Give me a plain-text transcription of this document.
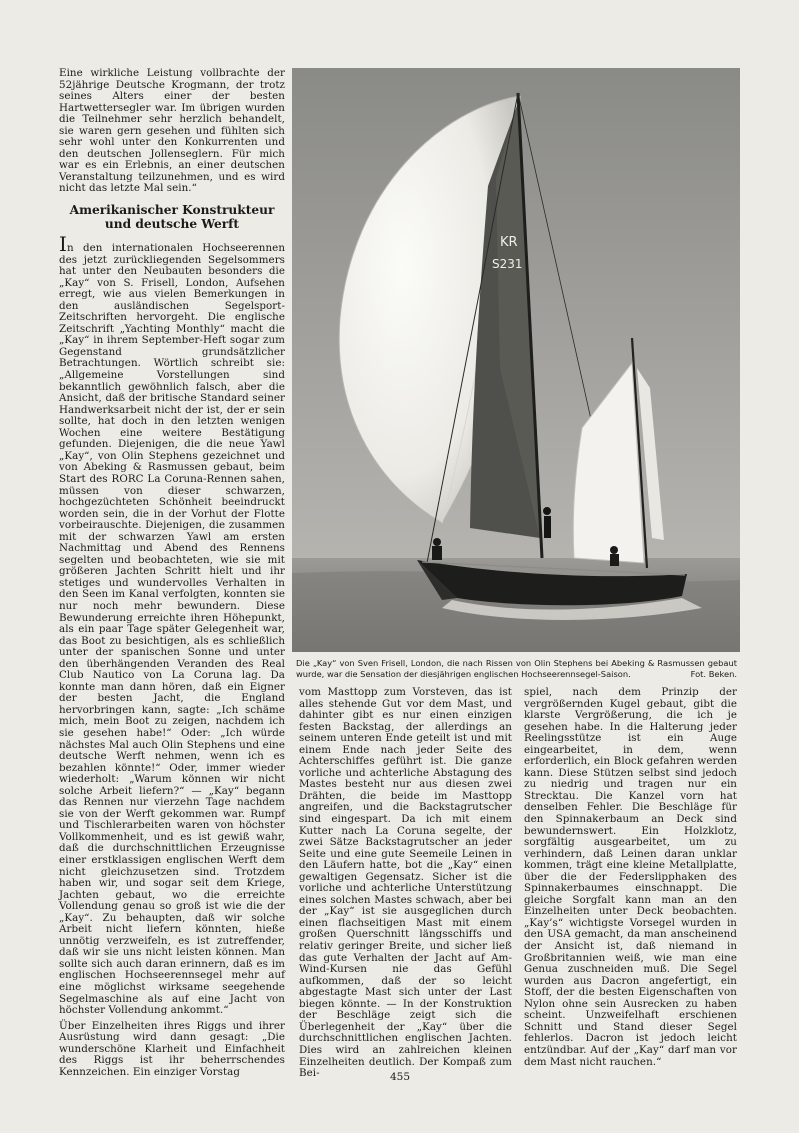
Eine wirkliche Leistung vollbrachte der 52jährige Deutsche Krogmann, der trotz seines Alters einer der besten Hartwettersegler war. Im übrigen wurden die Teilnehmer sehr herzlich behandelt, sie waren gern gesehen und fühlten sich sehr wohl unter den Konkurrenten und den deutschen Jollenseglern. Für mich war es ein Erlebnis, an einer deutschen Veranstaltung teilzunehmen, und es wird nicht das letzte Mal sein.“

Amerikanischer Konstrukteur
und deutsche Werft

In den internationalen Hochseerennen des jetzt zurückliegenden Segelsommers hat unter den Neubauten besonders die „Kay“ von S. Frisell, London, Aufsehen erregt, wie aus vielen Bemerkungen in den ausländischen Segelsport-Zeitschriften hervorgeht. Die englische Zeitschrift „Yachting Monthly“ macht die „Kay“ in ihrem September-Heft sogar zum Gegenstand grundsätzlicher Betrachtungen. Wörtlich schreibt sie: „Allgemeine Vorstellungen sind bekanntlich gewöhnlich falsch, aber die Ansicht, daß der britische Standard seiner Handwerksarbeit nicht der ist, der er sein sollte, hat doch in den letzten wenigen Wochen eine weitere Bestätigung gefunden. Diejenigen, die die neue Yawl „Kay“, von Olin Stephens gezeichnet und von Abeking & Rasmussen gebaut, beim Start des RORC La Coruna-Rennen sahen, müssen von dieser schwarzen, hochgezüchteten Schönheit beeindruckt worden sein, die in der Vorhut der Flotte vorbeirauschte. Diejenigen, die zusammen mit der schwarzen Yawl am ersten Nachmittag und Abend des Rennens segelten und beobachteten, wie sie mit größeren Jachten Schritt hielt und ihr stetiges und wundervolles Verhalten in den Seen im Kanal verfolgten, konnten sie nur noch mehr bewundern. Diese Bewunderung erreichte ihren Höhepunkt, als ein paar Tage später Gelegenheit war, das Boot zu besichtigen, als es schließlich unter der spanischen Sonne und unter den überhängenden Veranden des Real Club Nautico von La Coruna lag. Da konnte man dann hören, daß ein Eigner der besten Jacht, die England hervorbringen kann, sagte: „Ich schäme mich, mein Boot zu zeigen, nachdem ich sie gesehen habe!“ Oder: „Ich würde nächstes Mal auch Olin Stephens und eine deutsche Werft nehmen, wenn ich es bezahlen könnte!“ Oder, immer wieder wiederholt: „Warum können wir nicht solche Arbeit liefern?“ — „Kay“ begann das Rennen nur vierzehn Tage nachdem sie von der Werft gekommen war. Rumpf und Tischlerarbeiten waren von höchster Vollkommenheit, und es ist gewiß wahr, daß die durchschnittlichen Erzeugnisse einer erstklassigen englischen Werft dem nicht gleichzusetzen sind. Trotzdem haben wir, und sogar seit dem Kriege, Jachten gebaut, wo die erreichte Vollendung genau so groß ist wie die der „Kay“. Zu behaupten, daß wir solche Arbeit nicht liefern könnten, hieße unnötig verzweifeln, es ist zutreffender, daß wir sie uns nicht leisten können. Man sollte sich auch daran erinnern, daß es im englischen Hochseerennsegel mehr auf eine möglichst wirksame seegehende Segelmaschine als auf eine Jacht von höchster Vollendung ankommt.“

Über Einzelheiten ihres Riggs und ihrer Ausrüstung wird dann gesagt: „Die wunderschöne Klarheit und Einfachheit des Riggs ist ihr beherrschendes Kennzeichen. Ein einziger Vorstag

KR
S231

Die „Kay“ von Sven Frisell, London, die nach Rissen von Olin Stephens bei Abeking & Rasmussen gebaut wurde, war die Sensation der diesjährigen englischen Hochseerennsegel-Saison.	Fot. Beken.

vom Masttopp zum Vorsteven, das ist alles stehende Gut vor dem Mast, und dahinter gibt es nur einen einzigen festen Backstag, der allerdings an seinem unteren Ende geteilt ist und mit einem Ende nach jeder Seite des Achterschiffes geführt ist. Die ganze vorliche und achterliche Abstagung des Mastes besteht nur aus diesen zwei Drähten, die beide im Masttopp angreifen, und die Backstagrutscher sind eingespart. Da ich mit einem Kutter nach La Coruna segelte, der zwei Sätze Backstagrutscher an jeder Seite und eine gute Seemeile Leinen in den Läufern hatte, bot die „Kay“ einen gewaltigen Gegensatz. Sicher ist die vorliche und achterliche Unterstützung eines solchen Mastes schwach, aber bei der „Kay“ ist sie ausgeglichen durch einen flachseitigen Mast mit einem großen Querschnitt längsschiffs und relativ geringer Breite, und sicher ließ das gute Verhalten der Jacht auf Am-Wind-Kursen nie das Gefühl aufkommen, daß der so leicht abgestagte Mast sich unter der Last biegen könnte. — In der Konstruktion der Beschläge zeigt sich die Überlegenheit der „Kay“ über die durchschnittlichen englischen Jachten. Dies wird an zahlreichen kleinen Einzelheiten deutlich. Der Kompaß zum Bei-

spiel, nach dem Prinzip der vergrößernden Kugel gebaut, gibt die klarste Vergrößerung, die ich je gesehen habe. In die Halterung jeder Reelingsstütze ist ein Auge eingearbeitet, in dem, wenn erforderlich, ein Block gefahren werden kann. Diese Stützen selbst sind jedoch zu niedrig und tragen nur ein Strecktau. Die Kanzel vorn hat denselben Fehler. Die Beschläge für den Spinnakerbaum an Deck sind bewundernswert. Ein Holzklotz, sorgfältig ausgearbeitet, um zu verhindern, daß Leinen daran unklar kommen, trägt eine kleine Metallplatte, über die der Federslipphaken des Spinnakerbaumes einschnappt. Die gleiche Sorgfalt kann man an den Einzelheiten unter Deck beobachten. „Kay’s“ wichtigste Vorsegel wurden in den USA gemacht, da man anscheinend der Ansicht ist, daß niemand in Großbritannien weiß, wie man eine Genua zuschneiden muß. Die Segel wurden aus Dacron angefertigt, ein Stoff, der die besten Eigenschaften von Nylon ohne sein Ausrecken zu haben scheint. Unzweifelhaft erschienen Schnitt und Stand dieser Segel fehlerlos. Dacron ist jedoch leicht entzündbar. Auf der „Kay“ darf man vor dem Mast nicht rauchen.“

455
